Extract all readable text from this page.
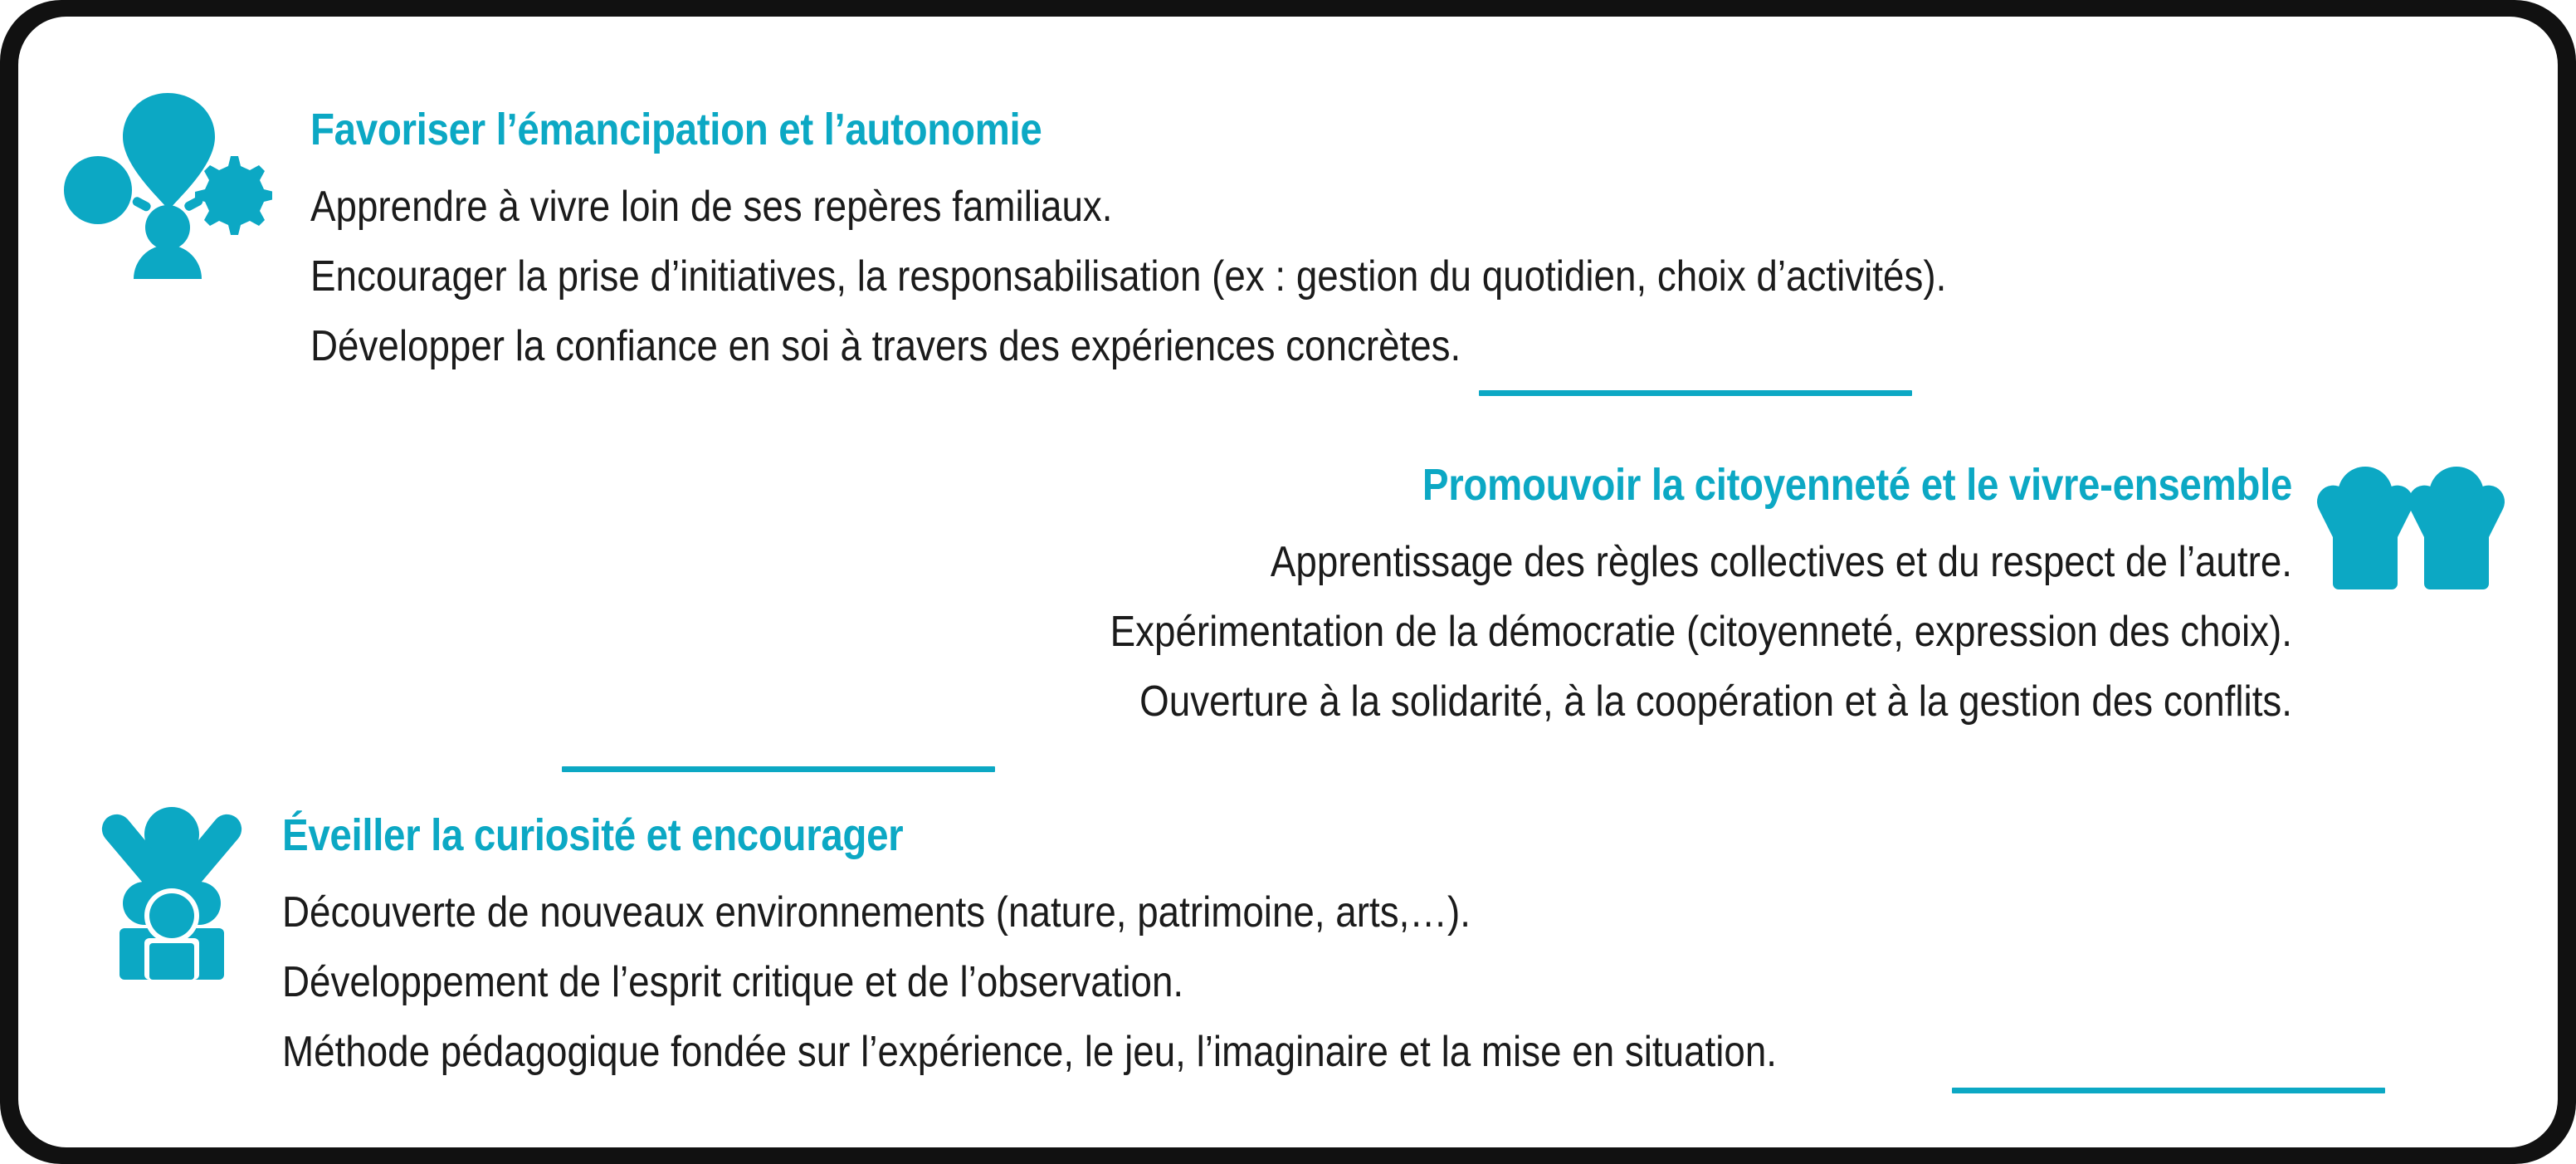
Favoriser l’émancipation et l’autonomie
Apprendre à vivre loin de ses repères familiaux.
Encourager la prise d’initiatives, la responsabilisation (ex : gestion du quotidien, choix d’activités).
Développer la confiance en soi à travers des expériences concrètes.
Promouvoir la citoyenneté et le vivre-ensemble
Apprentissage des règles collectives et du respect de l’autre.
Expérimentation de la démocratie (citoyenneté, expression des choix).
Ouverture à la solidarité, à la coopération et à la gestion des conflits.
Éveiller la curiosité et encourager
Découverte de nouveaux environnements (nature, patrimoine, arts,…).
Développement de l’esprit critique et de l’observation.
Méthode pédagogique fondée sur l’expérience, le jeu, l’imaginaire et la mise en situation.
